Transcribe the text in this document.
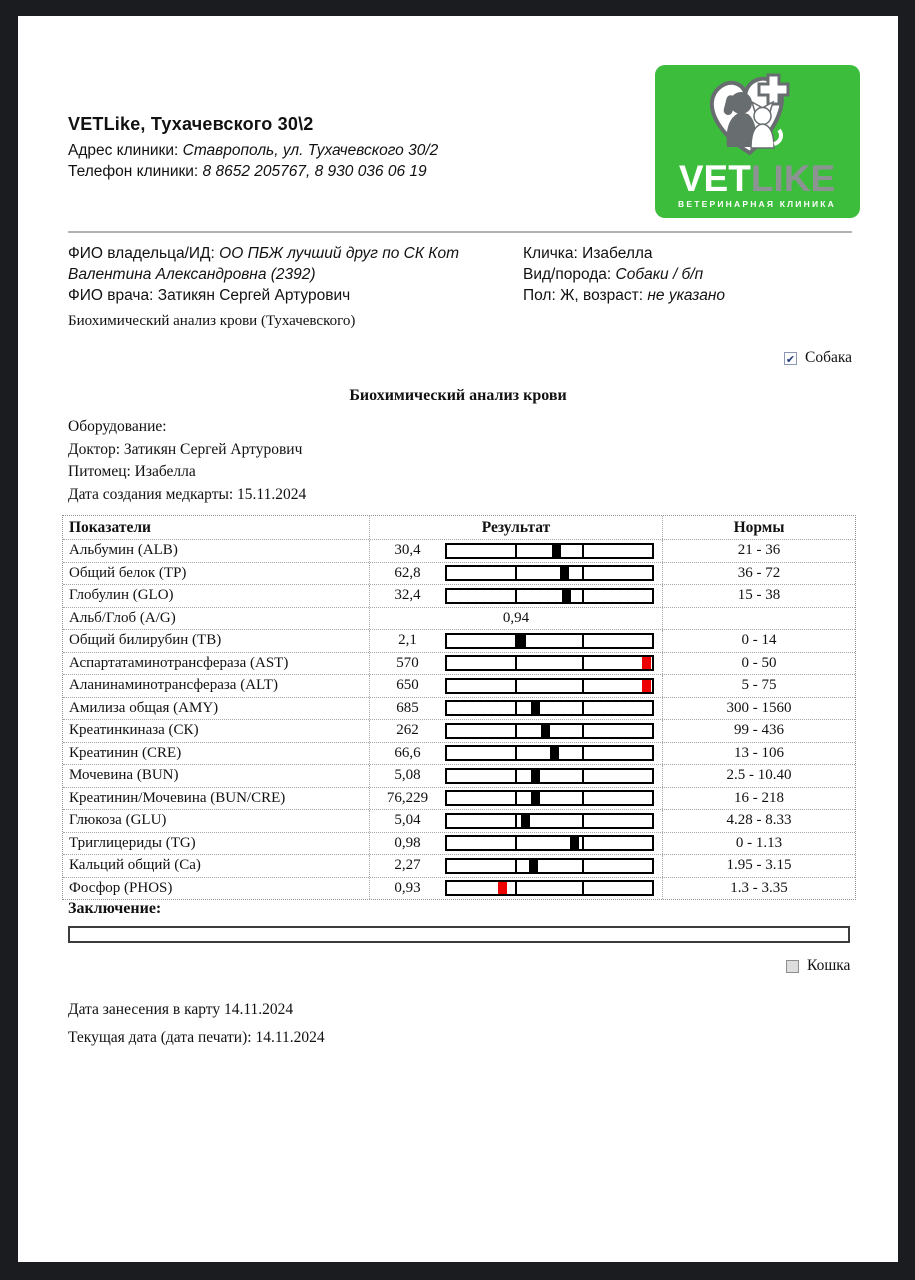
VETLike, Тухачевского 30\2
Адрес клиники: Ставрополь, ул. Тухачевского 30/2
Телефон клиники: 8 8652 205767, 8 930 036 06 19	VETLIKE
ВЕТЕРИНАРНАЯ КЛИНИКА
ФИО владельца/ИД: ОО ПБЖ лучший друг по СК Кот Валентина Александровна (2392)
ФИО врача: Затикян Сергей Артурович
Кличка: Изабелла
Вид/порода: Собаки / б/п
Пол: Ж, возраст: не указано
Биохимический анализ крови (Тухачевского)
✔ Собака
Биохимический анализ крови
Оборудование:
Доктор: Затикян Сергей Артурович
Питомец: Изабелла
Дата создания медкарты: 15.11.2024
Показатели	Результат	Нормы
Альбумин (ALB)	30,4	21 - 36
Общий белок (TP)	62,8	36 - 72
Глобулин (GLO)	32,4	15 - 38
Альб/Глоб (A/G)	0,94
Общий билирубин (TB)	2,1	0 - 14
Аспартатаминотрансфераза (AST)	570	0 - 50
Аланинаминотрансфераза (ALT)	650	5 - 75
Амилиза общая (AMY)	685	300 - 1560
Креатинкиназа (СК)	262	99 - 436
Креатинин (CRE)	66,6	13 - 106
Мочевина (BUN)	5,08	2.5 - 10.40
Креатинин/Мочевина (BUN/CRE)	76,229	16 - 218
Глюкоза (GLU)	5,04	4.28 - 8.33
Триглицериды (TG)	0,98	0 - 1.13
Кальций общий (Ca)	2,27	1.95 - 3.15
Фосфор (PHOS)	0,93	1.3 - 3.35
Заключение:
Кошка
Дата занесения в карту 14.11.2024
Текущая дата (дата печати): 14.11.2024
